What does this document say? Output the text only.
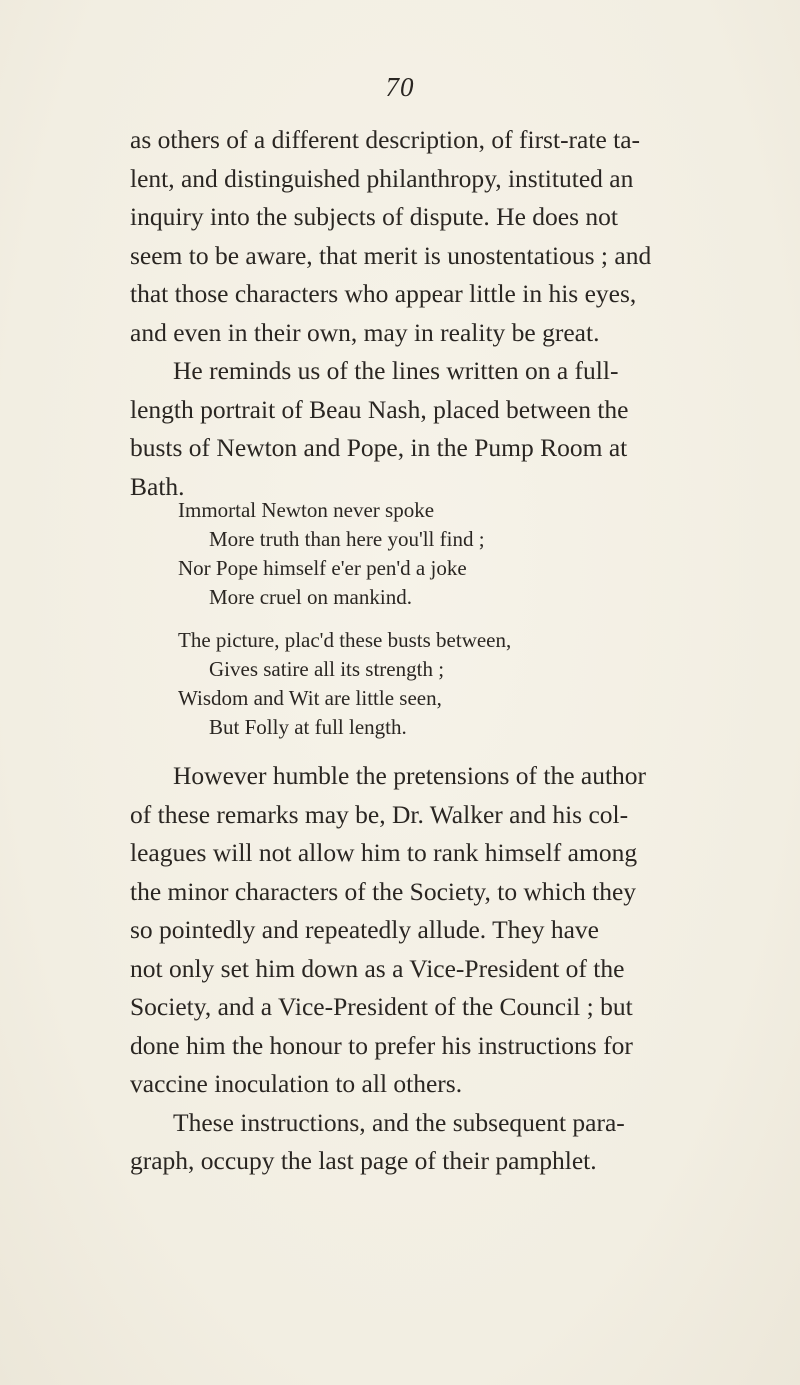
70

as others of a different description, of first-rate ta-
lent, and distinguished philanthropy, instituted an
inquiry into the subjects of dispute. He does not
seem to be aware, that merit is unostentatious ; and
that those characters who appear little in his eyes,
and even in their own, may in reality be great.

He reminds us of the lines written on a full-
length portrait of Beau Nash, placed between the
busts of Newton and Pope, in the Pump Room at
Bath.

Immortal Newton never spoke
More truth than here you'll find ;
Nor Pope himself e'er pen'd a joke
More cruel on mankind.
The picture, plac'd these busts between,
Gives satire all its strength ;
Wisdom and Wit are little seen,
But Folly at full length.

However humble the pretensions of the author
of these remarks may be, Dr. Walker and his col-
leagues will not allow him to rank himself among
the minor characters of the Society, to which they
so pointedly and repeatedly allude. They have
not only set him down as a Vice-President of the
Society, and a Vice-President of the Council ; but
done him the honour to prefer his instructions for
vaccine inoculation to all others.

These instructions, and the subsequent para-
graph, occupy the last page of their pamphlet.
